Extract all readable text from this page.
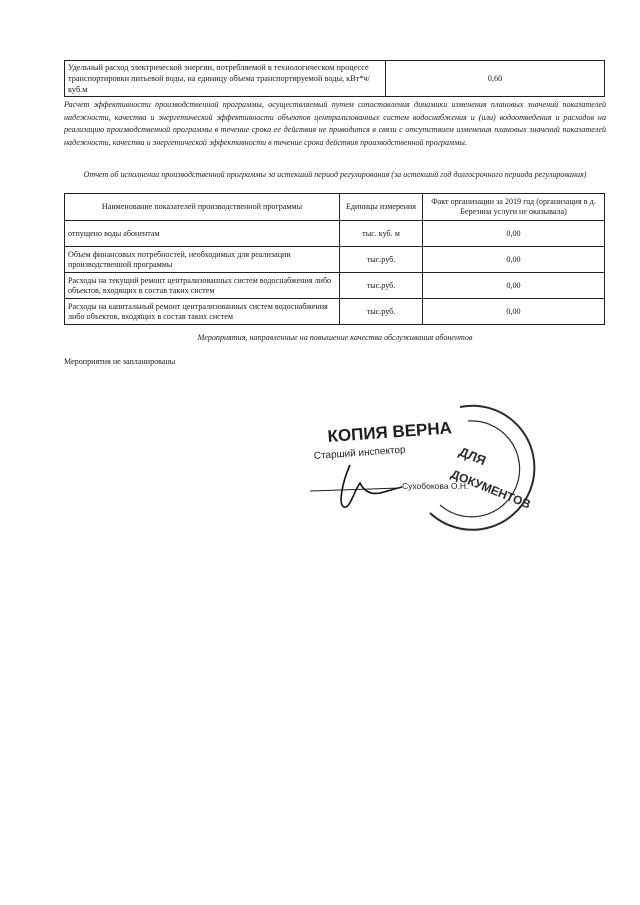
Удельный расход электрической энергии, потребляемой в технологическом процессе транспортировки питьевой воды, на единицу объема транспортируемой воды, кВт*ч/ куб.м	0,60
Расчет эффективности производственной программы, осуществляемый путем сопоставления динамики изменения плановых значений показателей надежности, качества и энергетической эффективности объектов централизованных систем водоснабжения и (или) водоотведения и расходов на реализацию производственной программы в течение срока ее действия не приводится в связи с отсутствием изменения плановых значений показателей надежности, качества и энергетической эффективности в течение срока действия производственной программы.
Отчет об исполнении производственной программы за истекший период регулирования (за истекший год долгосрочного периода регулирования)
Наименование показателей производственной программы	Единицы измерения	Факт организации за 2019 год (организация в д. Березина услуги не оказывала)
отпущено воды абонентам	тыс. куб. м	0,00
Объем финансовых потребностей, необходимых для реализации производственной программы	тыс.руб.	0,00
Расходы на текущий ремонт централизованных систем водоснабжения либо объектов, входящих в состав таких систем	тыс.руб.	0,00
Расходы на капитальный ремонт централизованных систем водоснабжения либо объектов, входящих в состав таких систем	тыс.руб.	0,00
Мероприятия, направленные на повышение качества обслуживания абонентов
Мероприятия не запланированы
ДЛЯ
ДОКУМЕНТОВ
КОПИЯ ВЕРНА
Старший инспектор
Сухобокова О.Н.
